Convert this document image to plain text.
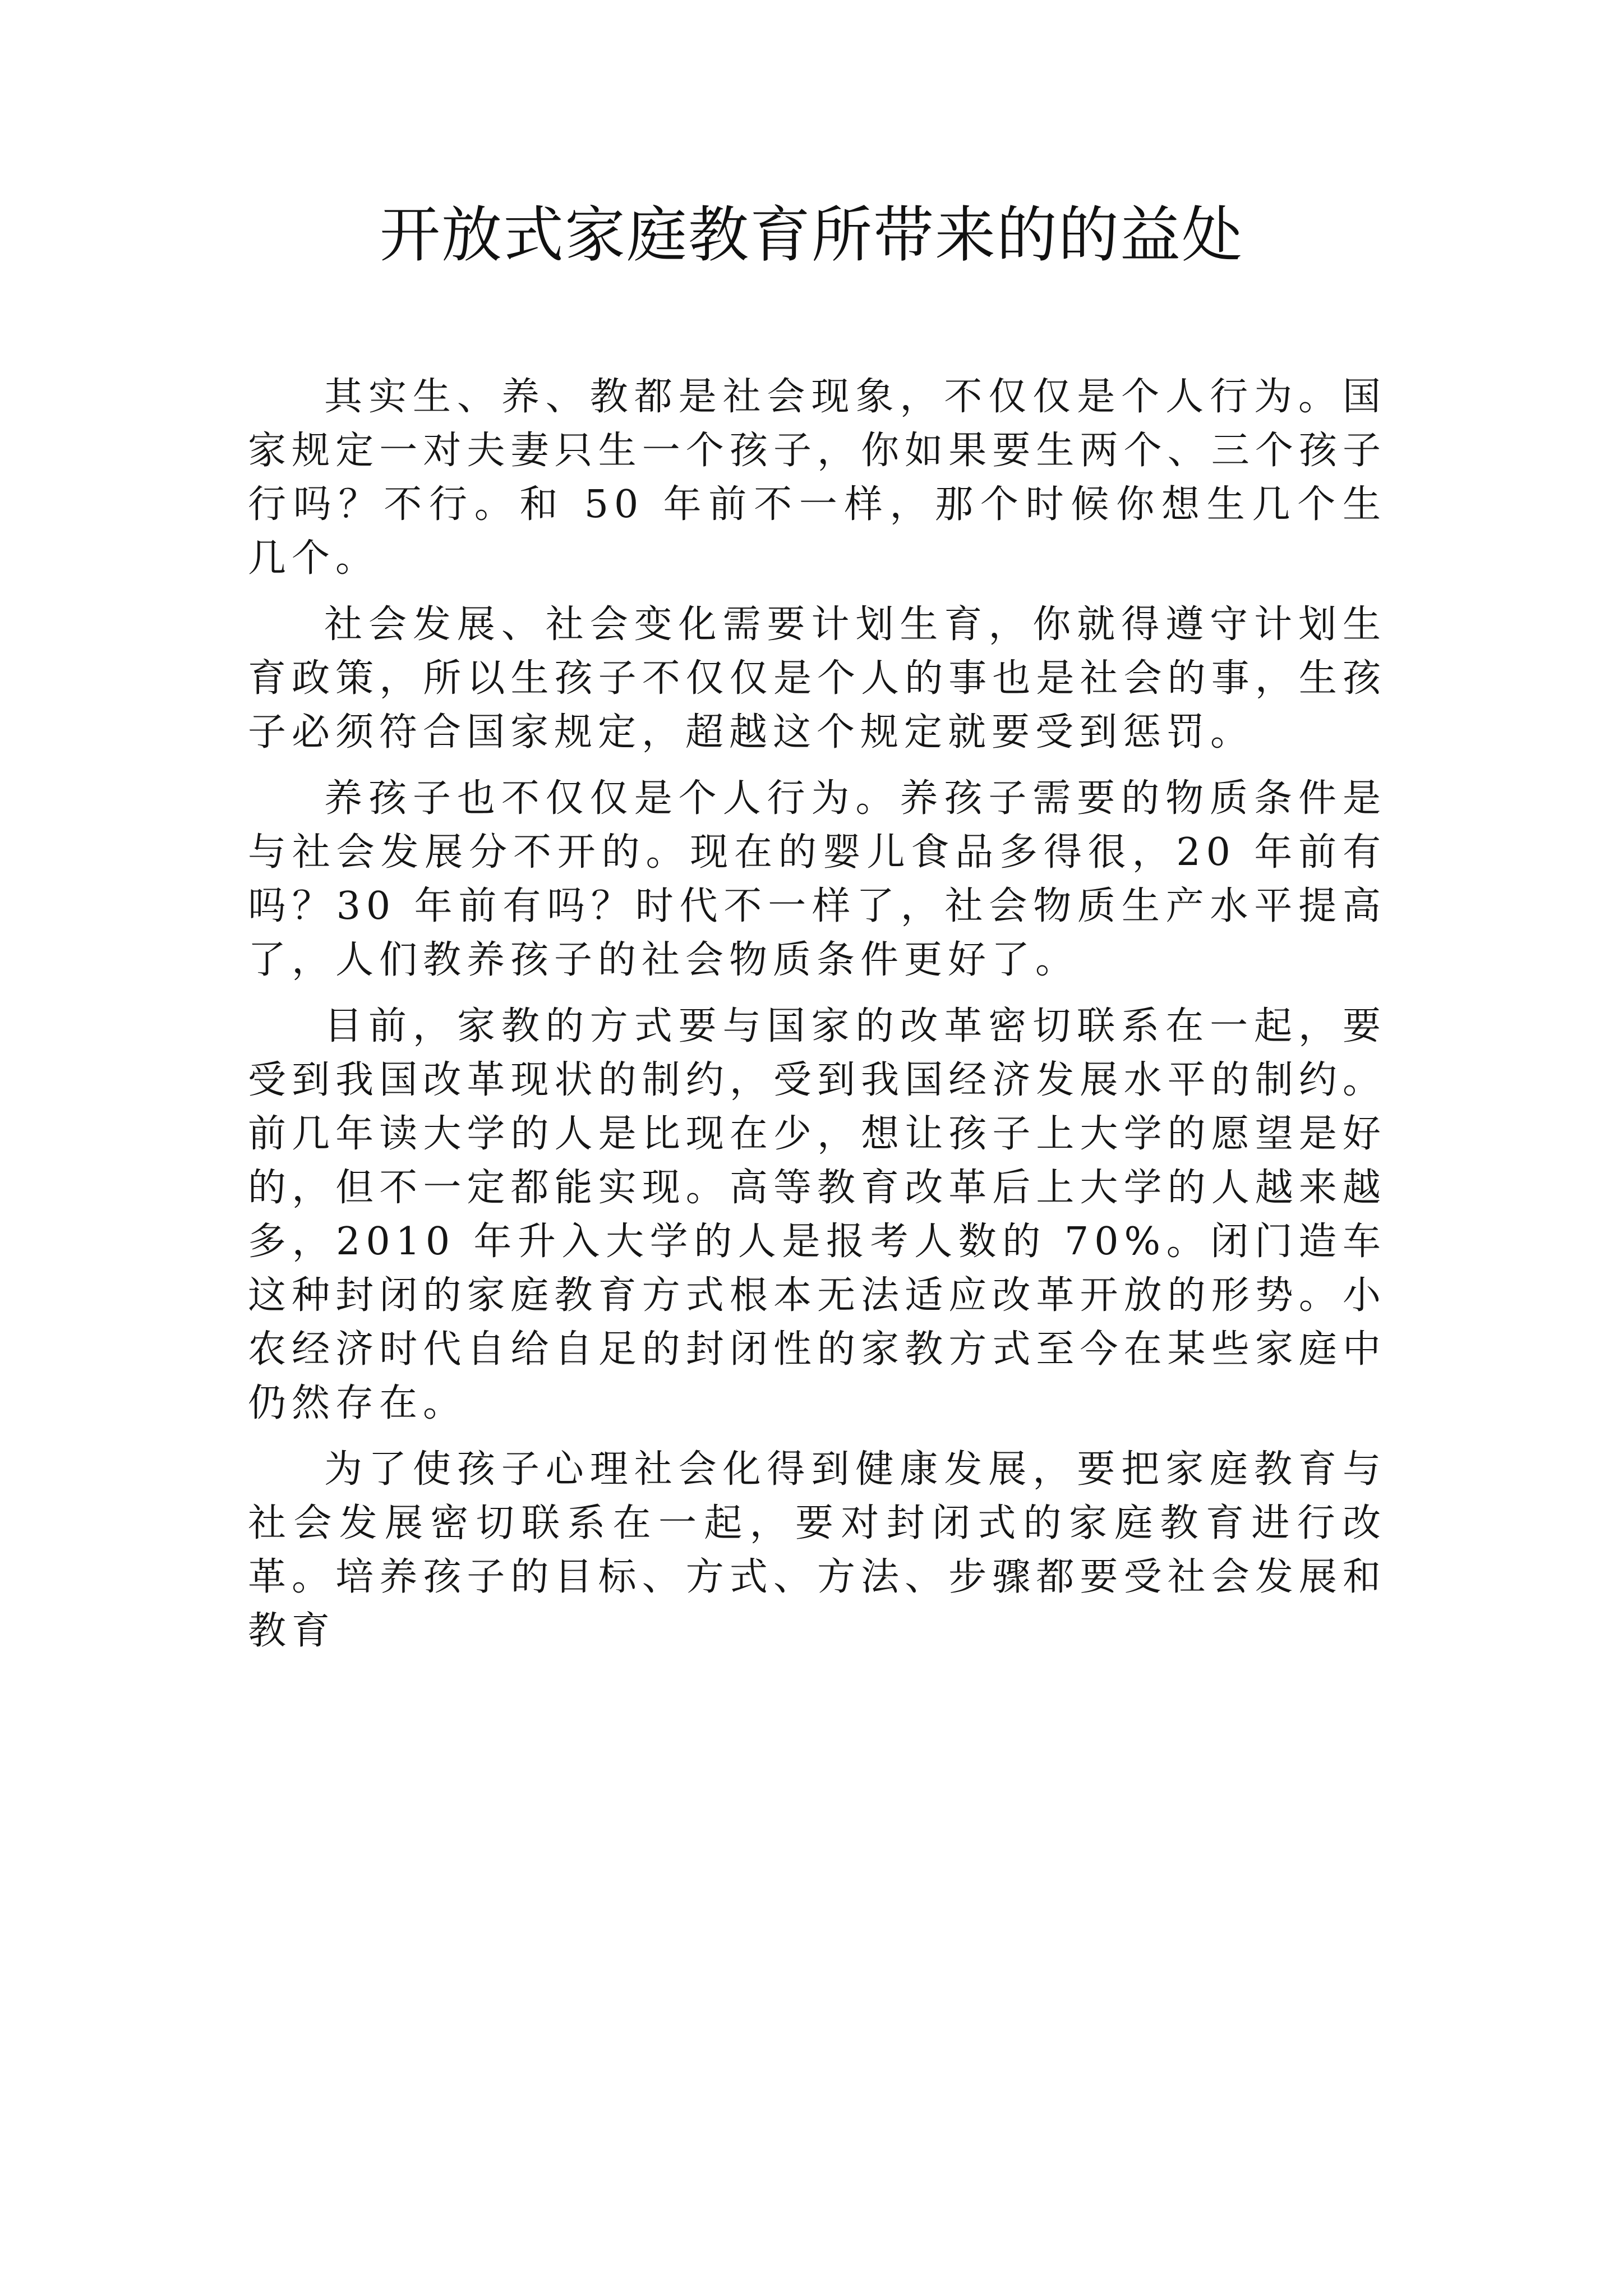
开放式家庭教育所带来的的益处

其实生、养、教都是社会现象，不仅仅是个人行为。国家规定一对夫妻只生一个孩子，你如果要生两个、三个孩子行吗？不行。和 50 年前不一样，那个时候你想生几个生几个。

社会发展、社会变化需要计划生育，你就得遵守计划生育政策，所以生孩子不仅仅是个人的事也是社会的事，生孩子必须符合国家规定，超越这个规定就要受到惩罚。

养孩子也不仅仅是个人行为。养孩子需要的物质条件是与社会发展分不开的。现在的婴儿食品多得很，20 年前有吗？30 年前有吗？时代不一样了，社会物质生产水平提高了，人们教养孩子的社会物质条件更好了。

目前，家教的方式要与国家的改革密切联系在一起，要受到我国改革现状的制约，受到我国经济发展水平的制约。前几年读大学的人是比现在少，想让孩子上大学的愿望是好的，但不一定都能实现。高等教育改革后上大学的人越来越多，2010 年升入大学的人是报考人数的 70%。闭门造车这种封闭的家庭教育方式根本无法适应改革开放的形势。小农经济时代自给自足的封闭性的家教方式至今在某些家庭中仍然存在。

为了使孩子心理社会化得到健康发展，要把家庭教育与社会发展密切联系在一起，要对封闭式的家庭教育进行改革。培养孩子的目标、方式、方法、步骤都要受社会发展和教育
